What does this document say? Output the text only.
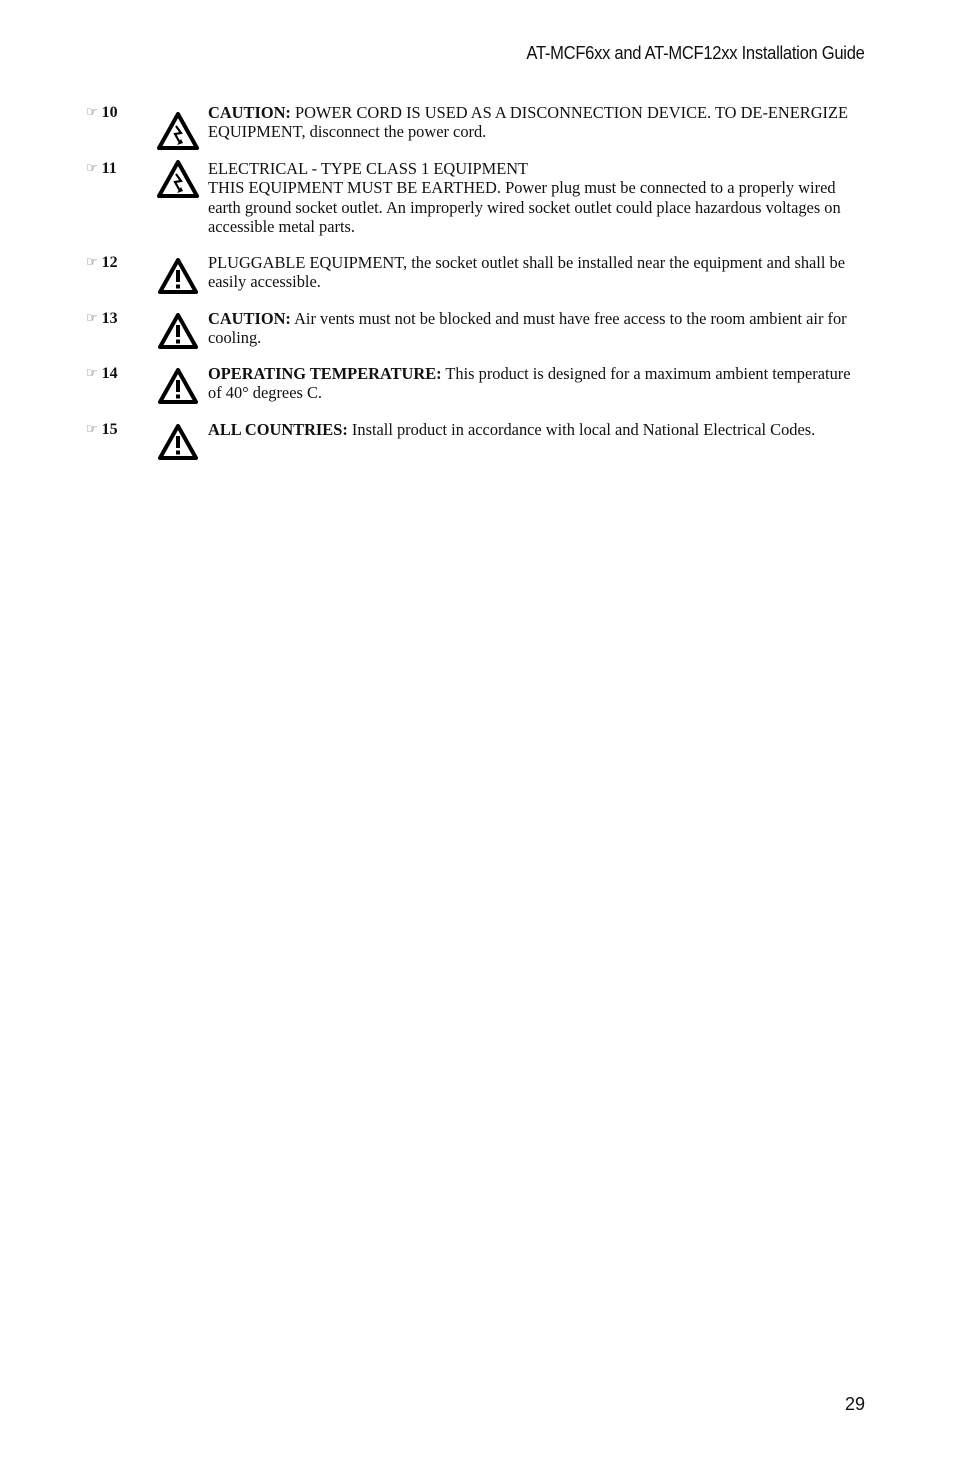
AT-MCF6xx and AT-MCF12xx Installation Guide
☞ 10	CAUTION: POWER CORD IS USED AS A DISCONNECTION DEVICE. TO DE-ENERGIZE EQUIPMENT, disconnect the power cord.
☞ 11	ELECTRICAL - TYPE CLASS 1 EQUIPMENT
THIS EQUIPMENT MUST BE EARTHED. Power plug must be connected to a properly wired earth ground socket outlet. An improperly wired socket outlet could place hazardous voltages on accessible metal parts.
☞ 12	PLUGGABLE EQUIPMENT, the socket outlet shall be installed near the equipment and shall be easily accessible.
☞ 13	CAUTION: Air vents must not be blocked and must have free access to the room ambient air for cooling.
☞ 14	OPERATING TEMPERATURE: This product is designed for a maximum ambient temperature of 40° degrees C.
☞ 15	ALL COUNTRIES: Install product in accordance with local and National Electrical Codes.
29
